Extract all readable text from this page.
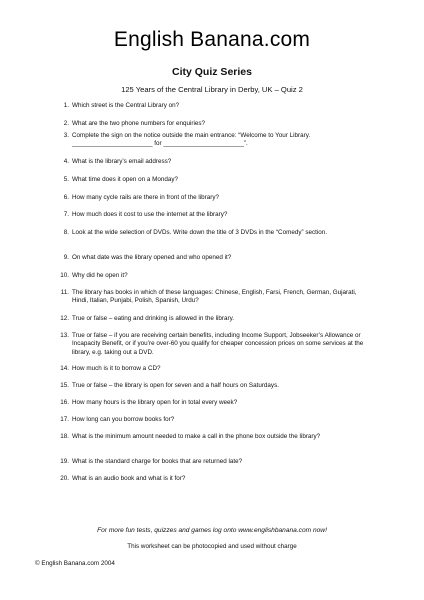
English Banana.com
City Quiz Series
125 Years of the Central Library in Derby, UK – Quiz 2
1. Which street is the Central Library on?
2. What are the two phone numbers for enquiries?
3. Complete the sign on the notice outside the main entrance: “Welcome to Your Library. _______________________ for _______________________”.
4. What is the library’s email address?
5. What time does it open on a Monday?
6. How many cycle rails are there in front of the library?
7. How much does it cost to use the internet at the library?
8. Look at the wide selection of DVDs. Write down the title of 3 DVDs in the “Comedy” section.
9. On what date was the library opened and who opened it?
10. Why did he open it?
11. The library has books in which of these languages: Chinese, English, Farsi, French, German, Gujarati, Hindi, Italian, Punjabi, Polish, Spanish, Urdu?
12. True or false – eating and drinking is allowed in the library.
13. True or false – if you are receiving certain benefits, including Income Support, Jobseeker’s Allowance or Incapacity Benefit, or if you’re over-60 you qualify for cheaper concession prices on some services at the library, e.g. taking out a DVD.
14. How much is it to borrow a CD?
15. True or false – the library is open for seven and a half hours on Saturdays.
16. How many hours is the library open for in total every week?
17. How long can you borrow books for?
18. What is the minimum amount needed to make a call in the phone box outside the library?
19. What is the standard charge for books that are returned late?
20. What is an audio book and what is it for?
For more fun tests, quizzes and games log onto www.englishbanana.com now!
This worksheet can be photocopied and used without charge
© English Banana.com 2004
